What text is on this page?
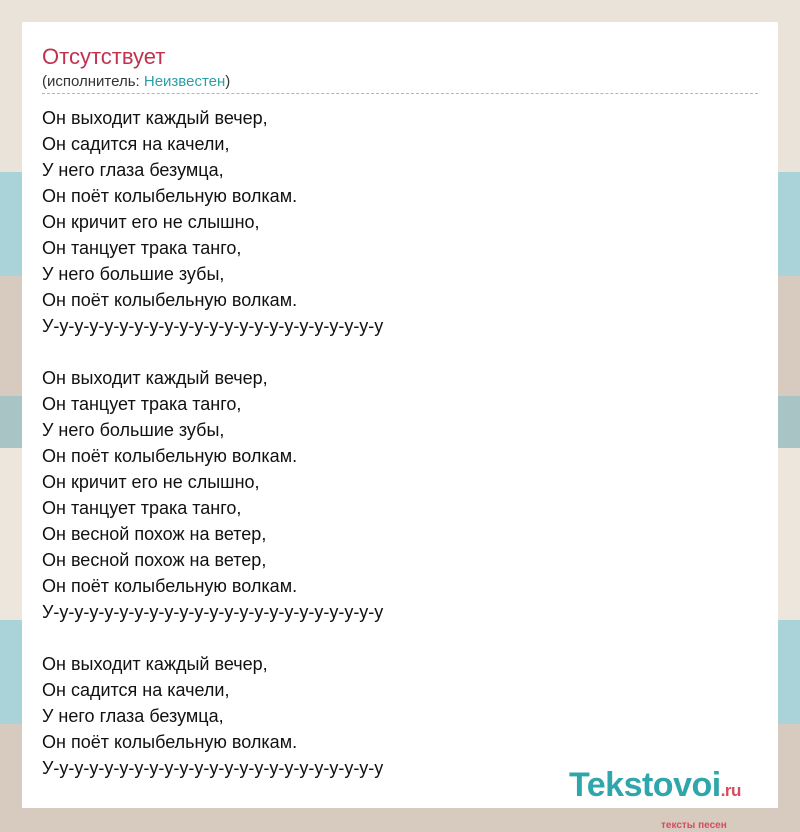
Отсутствует
(исполнитель: Неизвестен)
Он выходит каждый вечер,
Он садится на качели,
У него глаза безумца,
Он поёт колыбельную волкам.
Он кричит его не слышно,
Он танцует трака танго,
У него большие зубы,
Он поёт колыбельную волкам.
У-у-у-у-у-у-у-у-у-у-у-у-у-у-у-у-у-у-у-у-у-у-у
Он выходит каждый вечер,
Он танцует трака танго,
У него большие зубы,
Он поёт колыбельную волкам.
Он кричит его не слышно,
Он танцует трака танго,
Он весной похож на ветер,
Он весной похож на ветер,
Он поёт колыбельную волкам.
У-у-у-у-у-у-у-у-у-у-у-у-у-у-у-у-у-у-у-у-у-у-у
Он выходит каждый вечер,
Он садится на качели,
У него глаза безумца,
Он поёт колыбельную волкам.
У-у-у-у-у-у-у-у-у-у-у-у-у-у-у-у-у-у-у-у-у-у-у	Tekstovoi.ru
тексты песен
